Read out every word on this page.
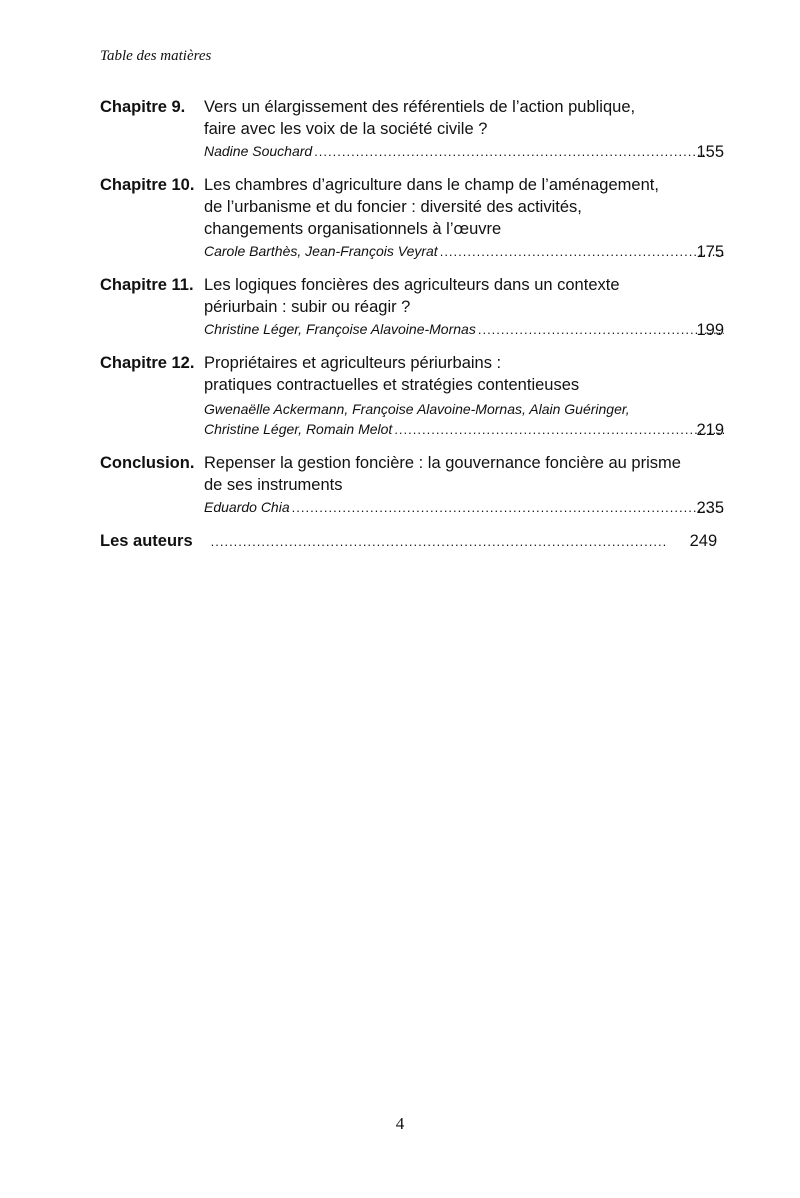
Table des matières
Chapitre 9. Vers un élargissement des référentiels de l’action publique,
faire avec les voix de la société civile ?
Nadine Souchard .....	155
Chapitre 10. Les chambres d’agriculture dans le champ de l’aménagement,
de l’urbanisme et du foncier : diversité des activités,
changements organisationnels à l’œuvre
Carole Barthès, Jean-François Veyrat .....	175
Chapitre 11. Les logiques foncières des agriculteurs dans un contexte
périurbain : subir ou réagir ?
Christine Léger, Françoise Alavoine-Mornas .....	199
Chapitre 12. Propriétaires et agriculteurs périurbains :
pratiques contractuelles et stratégies contentieuses
Gwenaëlle Ackermann, Françoise Alavoine-Mornas, Alain Guéringer,
Christine Léger, Romain Melot .....	219
Conclusion. Repenser la gestion foncière : la gouvernance foncière au prisme
de ses instruments
Eduardo Chia .....	235
Les auteurs .....	249
4
